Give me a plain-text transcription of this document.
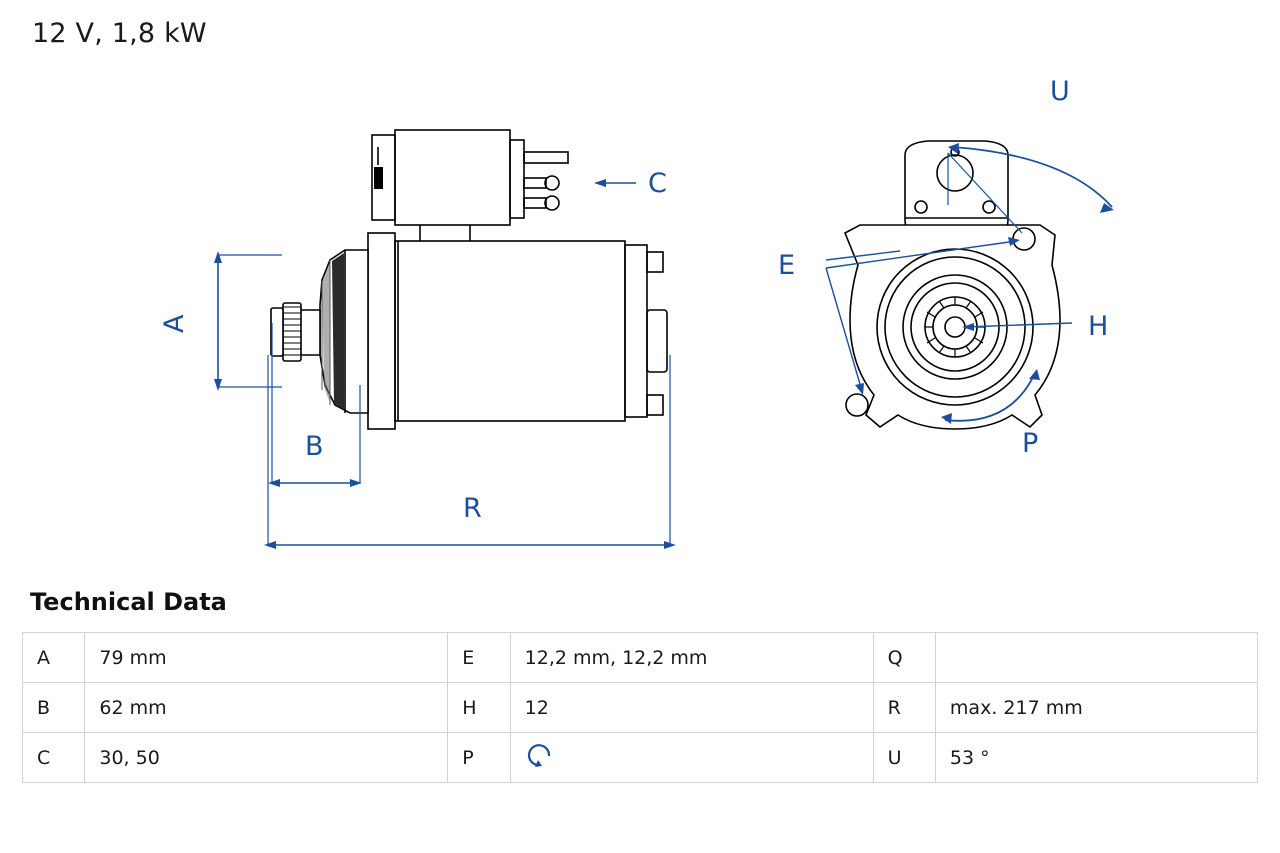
12 V, 1,8 kW
A
B
R
C
E
H
P
U
Technical Data
A	79 mm	E	12,2 mm, 12,2 mm	Q	
B	62 mm	H	12	R	max. 217 mm
C	30, 50	P		U	53 °
